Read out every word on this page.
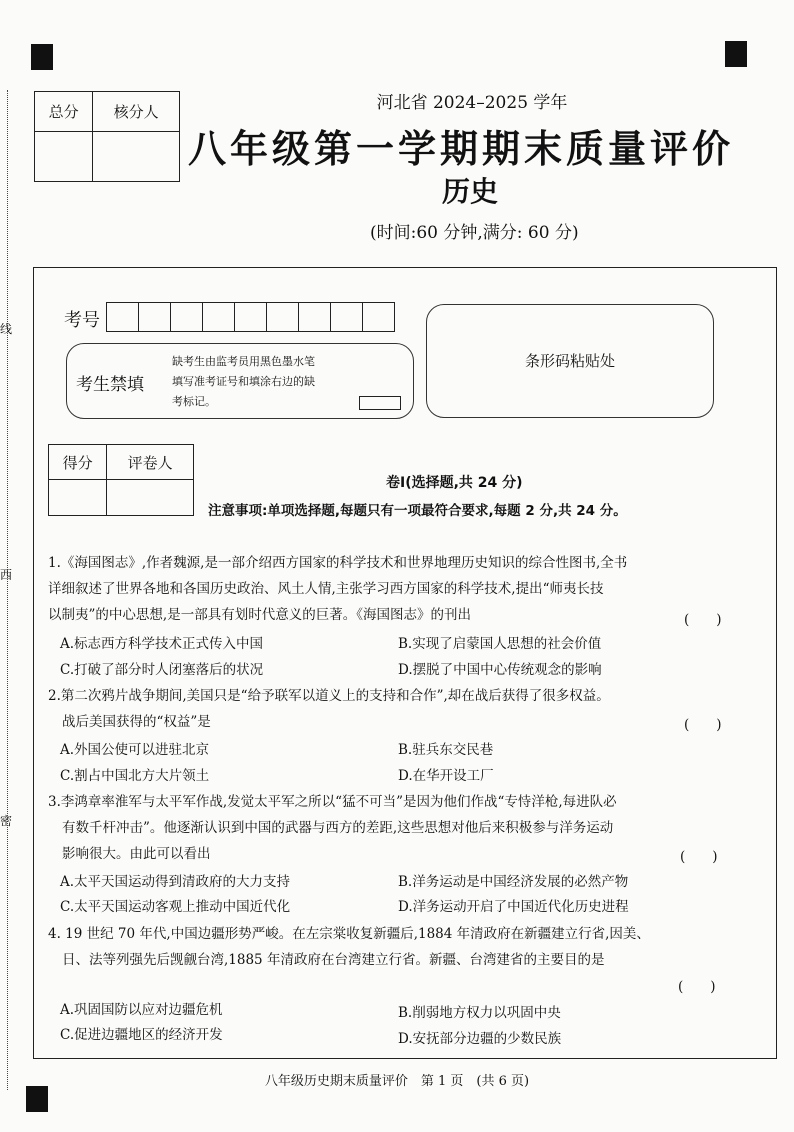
线
西
密
总分	核分人
		河北省 2024–2025 学年
八年级第一学期期末质量评价
历史
(时间:60 分钟,满分: 60 分)
考号
考生禁填
缺考生由监考员用黑色墨水笔
填写准考证号和填涂右边的缺
考标记。
条形码粘贴处
得分	评卷人

卷Ⅰ(选择题,共 24 分)
注意事项:单项选择题,每题只有一项最符合要求,每题 2 分,共 24 分。
1.《海国图志》,作者魏源,是一部介绍西方国家的科学技术和世界地理历史知识的综合性图书,全书
详细叙述了世界各地和各国历史政治、风土人情,主张学习西方国家的科学技术,提出“师夷长技
以制夷”的中心思想,是一部具有划时代意义的巨著。《海国图志》的刊出	(　　)
A.标志西方科学技术正式传入中国	B.实现了启蒙国人思想的社会价值
C.打破了部分时人闭塞落后的状况	D.摆脱了中国中心传统观念的影响
2.第二次鸦片战争期间,美国只是“给予联军以道义上的支持和合作”,却在战后获得了很多权益。
战后美国获得的“权益”是	(　　)
A.外国公使可以进驻北京	B.驻兵东交民巷
C.割占中国北方大片领土	D.在华开设工厂
3.李鸿章率淮军与太平军作战,发觉太平军之所以“猛不可当”是因为他们作战“专恃洋枪,每进队必
有数千杆冲击”。他逐渐认识到中国的武器与西方的差距,这些思想对他后来积极参与洋务运动
影响很大。由此可以看出	(　　)
A.太平天国运动得到清政府的大力支持	B.洋务运动是中国经济发展的必然产物
C.太平天国运动客观上推动中国近代化	D.洋务运动开启了中国近代化历史进程
4. 19 世纪 70 年代,中国边疆形势严峻。在左宗棠收复新疆后,1884 年清政府在新疆建立行省,因美、
日、法等列强先后觊觎台湾,1885 年清政府在台湾建立行省。新疆、台湾建省的主要目的是
(　　)
A.巩固国防以应对边疆危机	B.削弱地方权力以巩固中央
C.促进边疆地区的经济开发	D.安抚部分边疆的少数民族
八年级历史期末质量评价　第 1 页　(共 6 页)
